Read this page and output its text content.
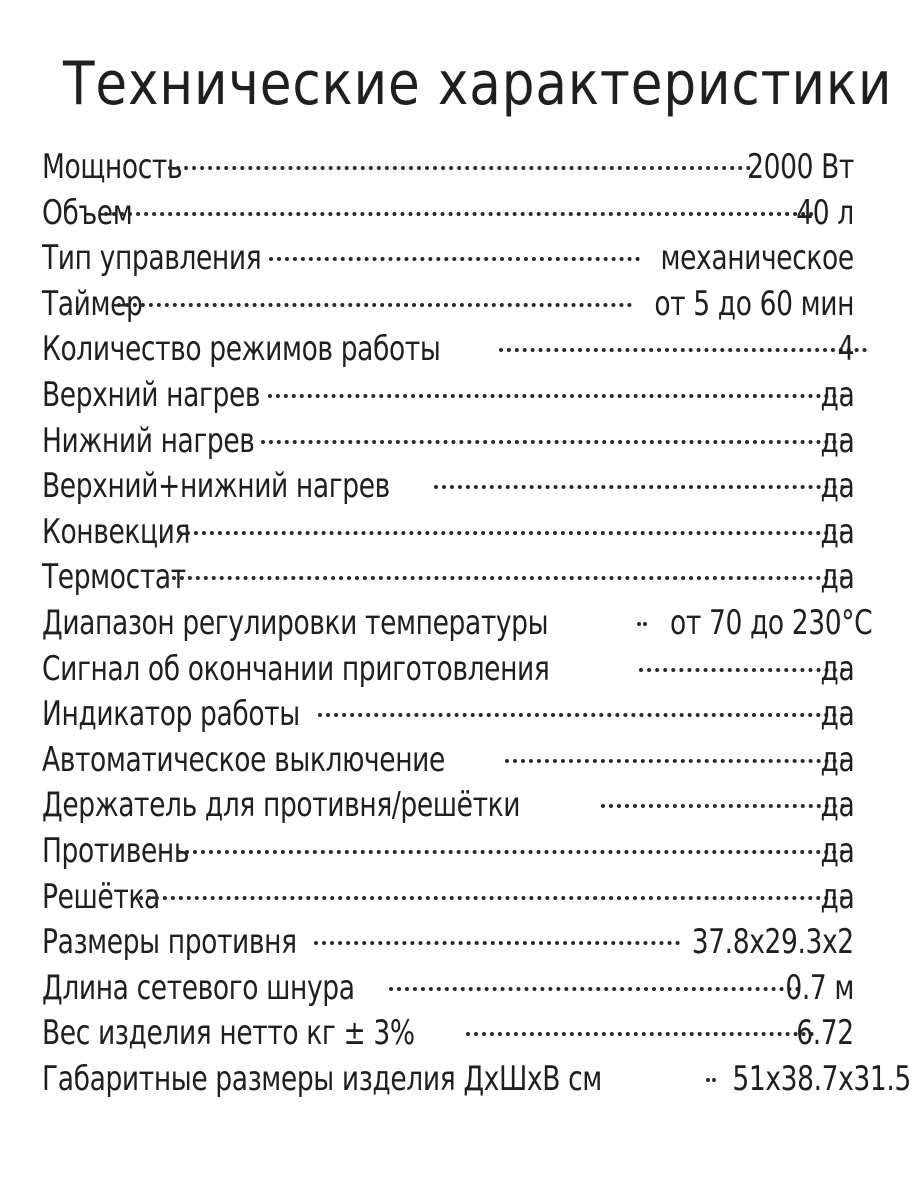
Технические характеристики
Мощность	2000 Вт
Объем	40 л
Тип управления	механическое
Таймер	от 5 до 60 мин
Количество режимов работы	4
Верхний нагрев	да
Нижний нагрев	да
Верхний+нижний нагрев	да
Конвекция	да
Термостат	да
Диапазон регулировки температуры	от 70 до 230°C
Сигнал об окончании приготовления	да
Индикатор работы	да
Автоматическое выключение	да
Держатель для противня/решётки	да
Противень	да
Решётка	да
Размеры противня	37.8x29.3x2
Длина сетевого шнура	0.7 м
Вес изделия нетто кг ± 3%	6.72
Габаритные размеры изделия ДхШхВ см	51x38.7x31.5
